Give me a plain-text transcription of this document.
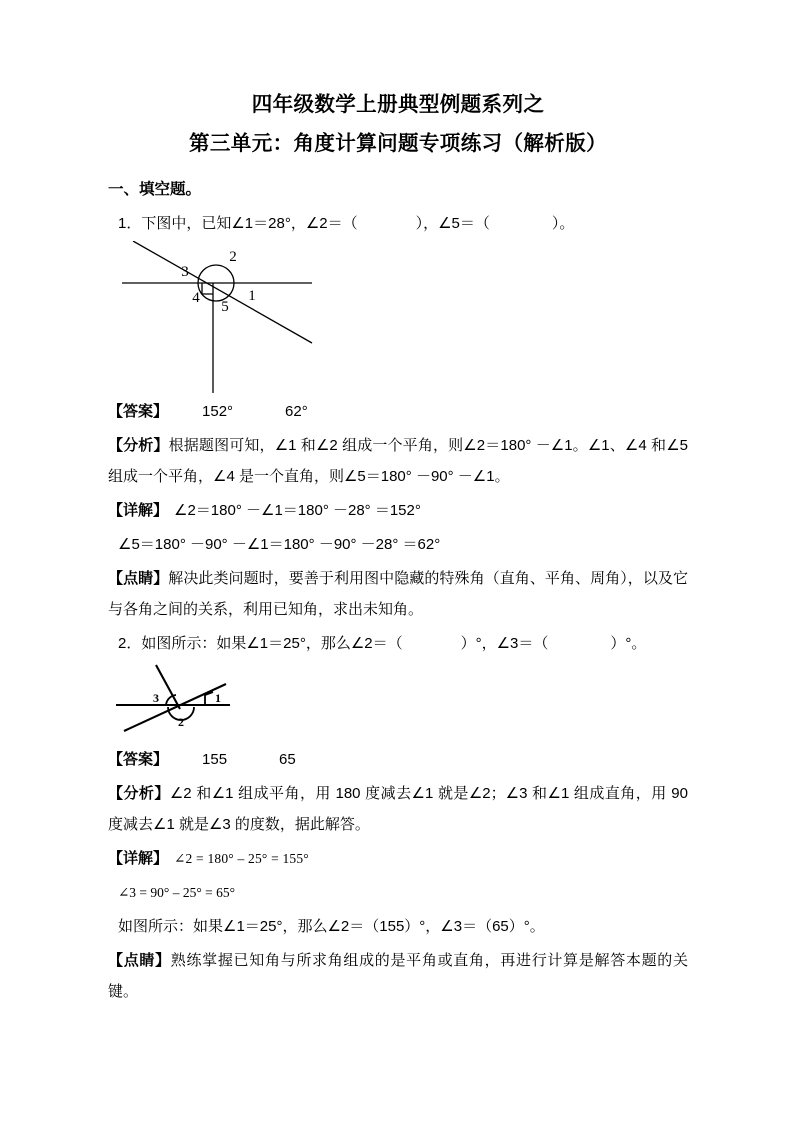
四年级数学上册典型例题系列之
第三单元：角度计算问题专项练习（解析版）
一、填空题。
1．下图中，已知∠1＝28°，∠2＝（	），∠5＝（	）。
2
3
4	1
5
【答案】 152°	62°
【分析】根据题图可知，∠1 和∠2 组成一个平角，则∠2＝180° －∠1。∠1、∠4 和∠5 组成一个平角，∠4 是一个直角，则∠5＝180° －90° －∠1。
【详解】 ∠2＝180° －∠1＝180° －28° ＝152°
∠5＝180° －90° －∠1＝180° －90° －28° ＝62°
【点睛】解决此类问题时，要善于利用图中隐藏的特殊角（直角、平角、周角），以及它与各角之间的关系，利用已知角，求出未知角。
2．如图所示：如果∠1＝25°，那么∠2＝（	）°，∠3＝（	）°。
3
2
1
【答案】 155	65
【分析】∠2 和∠1 组成平角，用 180 度减去∠1 就是∠2；∠3 和∠1 组成直角，用 90 度减去∠1 就是∠3 的度数，据此解答。
【详解】 ∠2 = 180° – 25° = 155°
∠3 = 90° – 25° = 65°
如图所示：如果∠1＝25°，那么∠2＝（155）°，∠3＝（65）°。
【点睛】熟练掌握已知角与所求角组成的是平角或直角，再进行计算是解答本题的关键。
